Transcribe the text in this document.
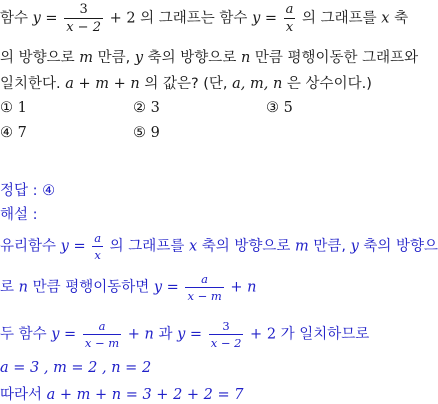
함수 $y = \frac{3}{x - 2} + 2$ 의 그래프는 함수 $y = \frac{a}{x}$ 의 그래프를 x 축
의 방향으로 m 만큼, y 축의 방향으로 n 만큼 평행이동한 그래프와
일치한다. a + m + n 의 값은? (단, a, m, n 은 상수이다.)
① 1	② 3	③ 5
④ 7	⑤ 9
정답 : ④
해설 :
유리함수 $y = \frac{a}{x}$ 의 그래프를 x 축의 방향으로 m 만큼, y 축의 방향으
로 n 만큼 평행이동하면 $y = \frac{a}{x - m} + n$
두 함수 $y = \frac{a}{x - m} + n$ 과 $y = \frac{3}{x - 2} + 2$ 가 일치하므로
a = 3 , m = 2 , n = 2
따라서 a + m + n = 3 + 2 + 2 = 7
